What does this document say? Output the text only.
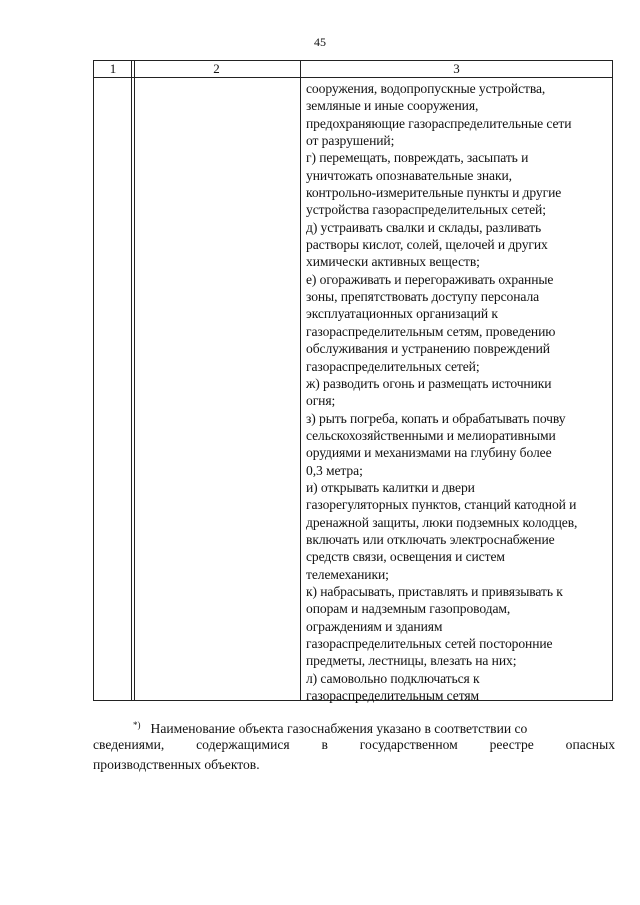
45
1	2	3
сооружения, водопропускные устройства,
земляные и иные сооружения,
предохраняющие газораспределительные сети
от разрушений;
г) перемещать, повреждать, засыпать и
уничтожать опознавательные знаки,
контрольно-измерительные пункты и другие
устройства газораспределительных сетей;
д) устраивать свалки и склады, разливать
растворы кислот, солей, щелочей и других
химически активных веществ;
е) огораживать и перегораживать охранные
зоны, препятствовать доступу персонала
эксплуатационных организаций к
газораспределительным сетям, проведению
обслуживания и устранению повреждений
газораспределительных сетей;
ж) разводить огонь и размещать источники
огня;
з) рыть погреба, копать и обрабатывать почву
сельскохозяйственными и мелиоративными
орудиями и механизмами на глубину более
0,3 метра;
и) открывать калитки и двери
газорегуляторных пунктов, станций катодной и
дренажной защиты, люки подземных колодцев,
включать или отключать электроснабжение
средств связи, освещения и систем
телемеханики;
к) набрасывать, приставлять и привязывать к
опорам и надземным газопроводам,
ограждениям и зданиям
газораспределительных сетей посторонние
предметы, лестницы, влезать на них;
л) самовольно подключаться к
газораспределительным сетям
*) Наименование объекта газоснабжения указано в соответствии со
сведениями, содержащимися в государственном реестре опасных
производственных объектов.
